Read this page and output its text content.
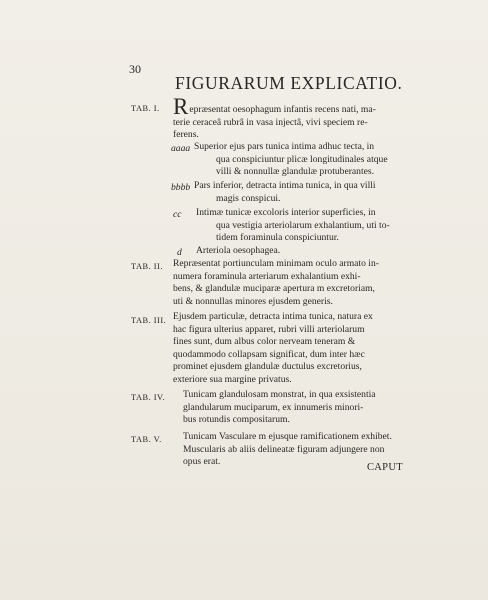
30
FIGURARUM EXPLICATIO.
TAB. I. Repræsentat oesophagum infantis recens nati, ma-
terie ceraceâ rubrâ in vasa injectâ, vivi speciem re-
ferens.
aaaa Superior ejus pars tunica intima adhuc tecta, in
qua conspiciuntur plicæ longitudinales atque
villi & nonnullæ glandulæ protuberantes.
bbbb Pars inferior, detracta intima tunica, in qua villi
magis conspicui.
cc Intimæ tunicæ excoloris interior superficies, in
qua vestigia arteriolarum exhalantium, uti to-
tidem foraminula conspiciuntur.
d Arteriola oesophagea.
TAB. II. Repræsentat portiunculam minimam oculo armato in-
numera foraminula arteriarum exhalantium exhi-
bens, & glandulæ muciparæ apertura m excretoriam,
uti & nonnullas minores ejusdem generis.
TAB. III. Ejusdem particulæ, detracta intima tunica, natura ex
hac figura ulterius apparet, rubri villi arteriolarum
fines sunt, dum albus color nerveam teneram &
quodammodo collapsam significat, dum inter hæc
prominet ejusdem glandulæ ductulus excretorius,
exteriore sua margine privatus.
TAB. IV. Tunicam glandulosam monstrat, in qua exsistentia
glandularum muciparum, ex innumeris minori-
bus rotundis compositarum.
TAB. V. Tunicam Vasculare m ejusque ramificationem exhibet.
Muscularis ab aliis delineatæ figuram adjungere non
opus erat.
CAPUT
